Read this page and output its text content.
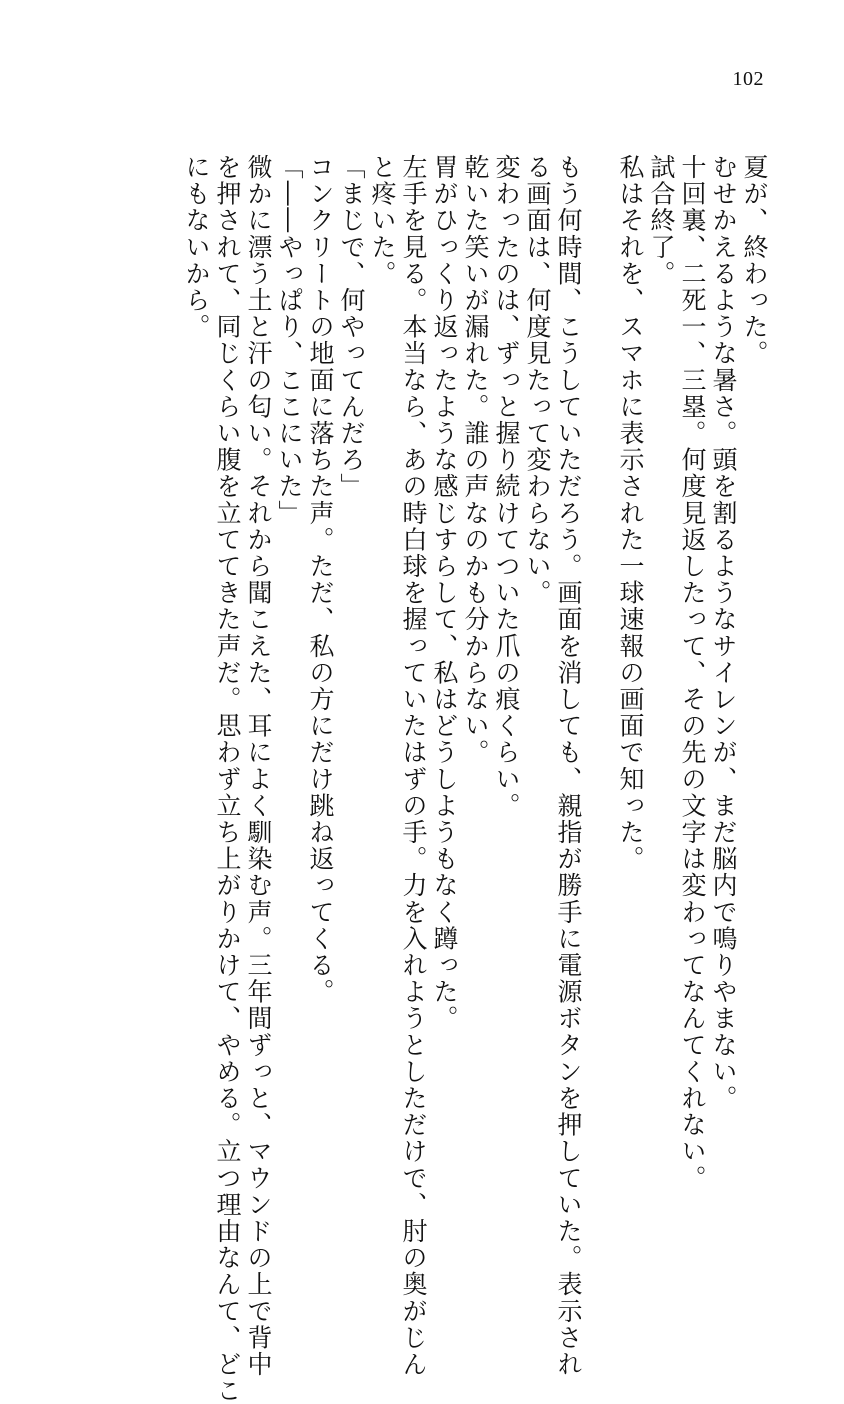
102
夏が、終わった。
むせかえるような暑さ。頭を割るようなサイレンが、まだ脳内で鳴りやまない。
十回裏、二死一、三塁。何度見返したって、その先の文字は変わってなんてくれない。
試合終了。
私はそれを、スマホに表示された一球速報の画面で知った。
もう何時間、こうしていただろう。画面を消しても、親指が勝手に電源ボタンを押していた。表示され
る画面は、何度見たって変わらない。
変わったのは、ずっと握り続けてついた爪の痕くらい。
乾いた笑いが漏れた。誰の声なのかも分からない。
胃がひっくり返ったような感じすらして、私はどうしようもなく蹲った。
左手を見る。本当なら、あの時白球を握っていたはずの手。力を入れようとしただけで、肘の奥がじん
と疼いた。
「まじで、何やってんだろ」
コンクリートの地面に落ちた声。ただ、私の方にだけ跳ね返ってくる。
「――やっぱり、ここにいた」
微かに漂う土と汗の匂い。それから聞こえた、耳によく馴染む声。三年間ずっと、マウンドの上で背中
を押されて、同じくらい腹を立ててきた声だ。思わず立ち上がりかけて、やめる。立つ理由なんて、どこ
にもないから。
